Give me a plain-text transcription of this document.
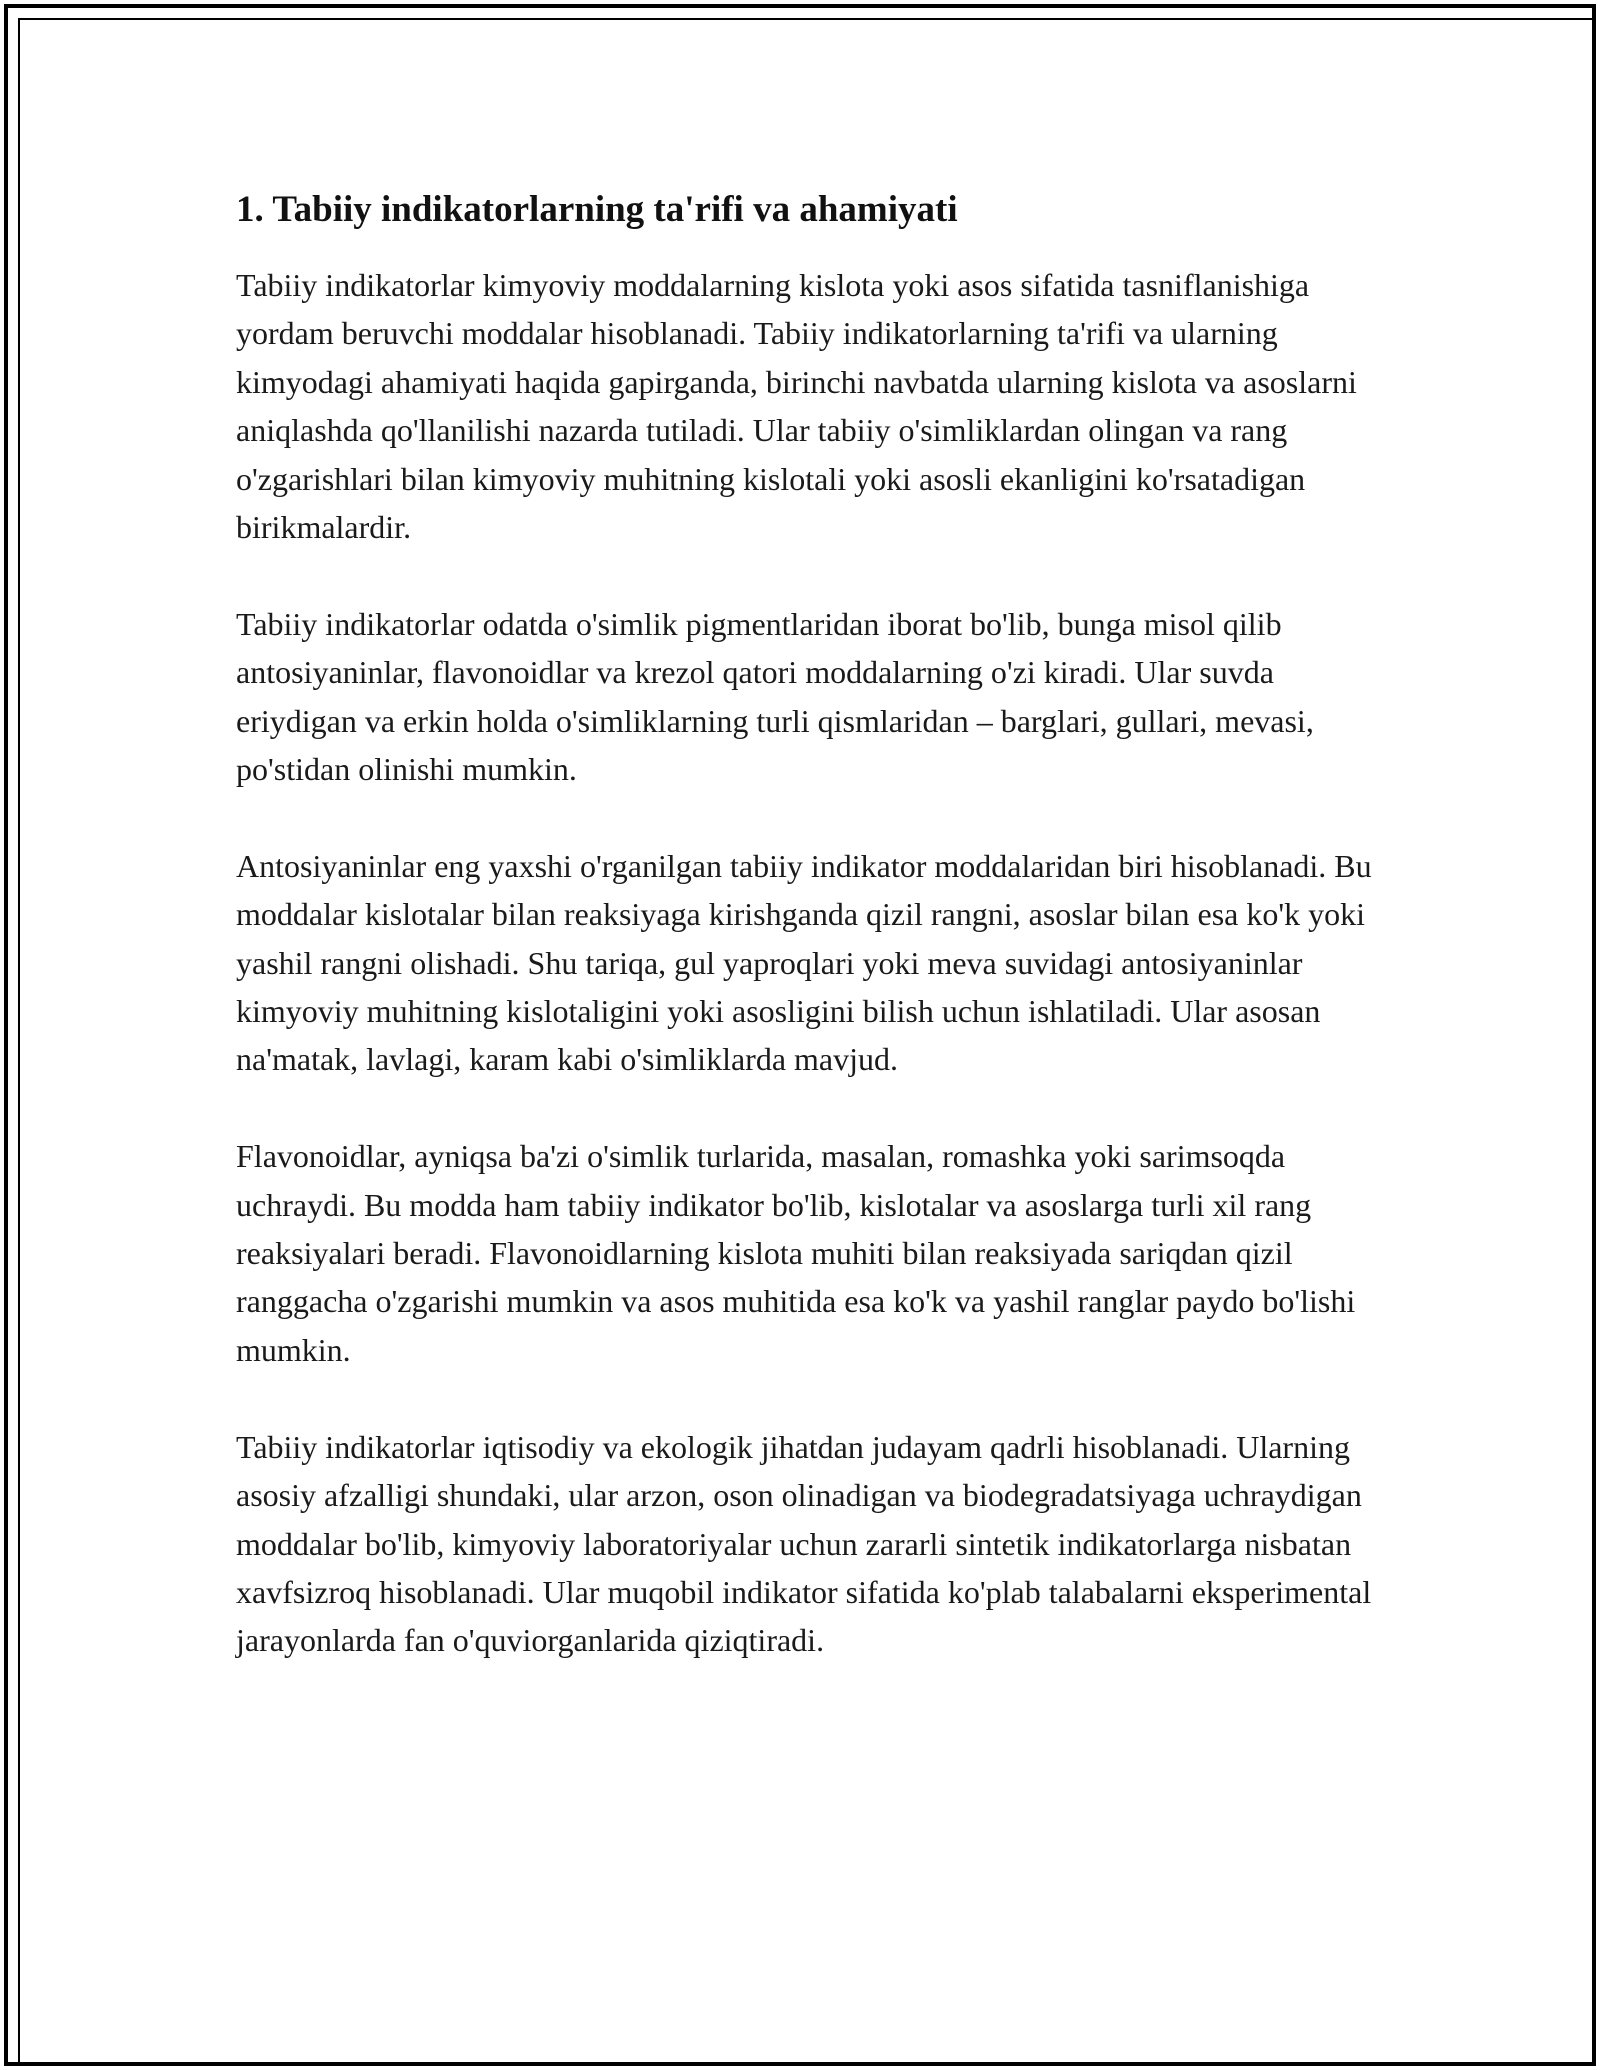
1. Tabiiy indikatorlarning ta'rifi va ahamiyati

Tabiiy indikatorlar kimyoviy moddalarning kislota yoki asos sifatida tasniflanishiga yordam beruvchi moddalar hisoblanadi. Tabiiy indikatorlarning ta'rifi va ularning kimyodagi ahamiyati haqida gapirganda, birinchi navbatda ularning kislota va asoslarni aniqlashda qo'llanilishi nazarda tutiladi. Ular tabiiy o'simliklardan olingan va rang o'zgarishlari bilan kimyoviy muhitning kislotali yoki asosli ekanligini ko'rsatadigan birikmalardir.

Tabiiy indikatorlar odatda o'simlik pigmentlaridan iborat bo'lib, bunga misol qilib antosiyaninlar, flavonoidlar va krezol qatori moddalarning o'zi kiradi. Ular suvda eriydigan va erkin holda o'simliklarning turli qismlaridan – barglari, gullari, mevasi, po'stidan olinishi mumkin.

Antosiyaninlar eng yaxshi o'rganilgan tabiiy indikator moddalaridan biri hisoblanadi. Bu moddalar kislotalar bilan reaksiyaga kirishganda qizil rangni, asoslar bilan esa ko'k yoki yashil rangni olishadi. Shu tariqa, gul yaproqlari yoki meva suvidagi antosiyaninlar kimyoviy muhitning kislotaligini yoki asosligini bilish uchun ishlatiladi. Ular asosan na'matak, lavlagi, karam kabi o'simliklarda mavjud.

Flavonoidlar, ayniqsa ba'zi o'simlik turlarida, masalan, romashka yoki sarimsoqda uchraydi. Bu modda ham tabiiy indikator bo'lib, kislotalar va asoslarga turli xil rang reaksiyalari beradi. Flavonoidlarning kislota muhiti bilan reaksiyada sariqdan qizil ranggacha o'zgarishi mumkin va asos muhitida esa ko'k va yashil ranglar paydo bo'lishi mumkin.

Tabiiy indikatorlar iqtisodiy va ekologik jihatdan judayam qadrli hisoblanadi. Ularning asosiy afzalligi shundaki, ular arzon, oson olinadigan va biodegradatsiyaga uchraydigan moddalar bo'lib, kimyoviy laboratoriyalar uchun zararli sintetik indikatorlarga nisbatan xavfsizroq hisoblanadi. Ular muqobil indikator sifatida ko'plab talabalarni eksperimental jarayonlarda fan o'quviorganlarida qiziqtiradi.
